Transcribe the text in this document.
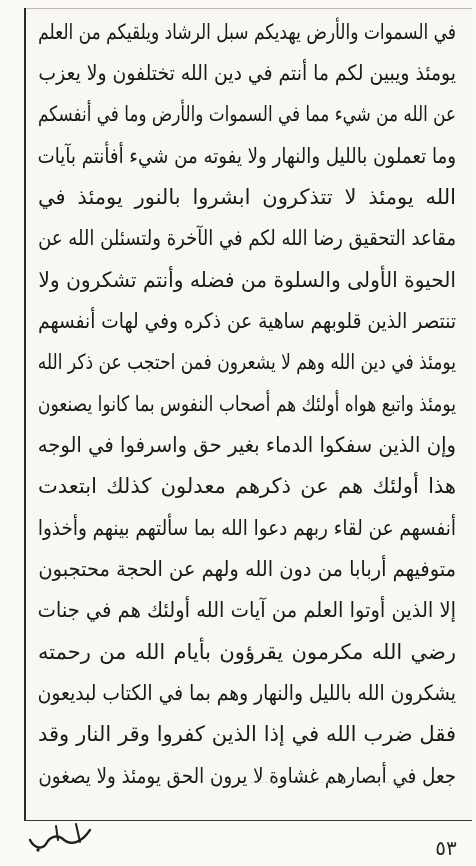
في السموات والأرض يهديكم سبل الرشاد ويلقيكم من العلم
يومئذ ويبين لكم ما أنتم في دين الله تختلفون ولا يعزب
عن الله من شيء مما في السموات والأرض وما في أنفسكم
وما تعملون بالليل والنهار ولا يفوته من شيء أفأنتم بآيات
الله يومئذ لا تتذكرون ابشروا بالنور يومئذ في
مقاعد التحقيق رضا الله لكم في الآخرة ولتسئلن الله عن
الحيوة الأولى والسلوة من فضله وأنتم تشكرون ولا
تنتصر الذين قلوبهم ساهية عن ذكره وفي لهات أنفسهم
يومئذ في دين الله وهم لا يشعرون فمن احتجب عن ذكر الله
يومئذ واتبع هواه أولئك هم أصحاب النفوس بما كانوا يصنعون
وإن الذين سفكوا الدماء بغير حق واسرفوا في الوجه
هذا أولئك هم عن ذكرهم معدلون كذلك ابتعدت
أنفسهم عن لقاء ربهم دعوا الله بما سألتهم بينهم وأخذوا
متوفيهم أربابا من دون الله ولهم عن الحجة محتجبون
إلا الذين أوتوا العلم من آيات الله أولئك هم في جنات
رضي الله مكرمون يقرؤون بأيام الله من رحمته
يشكرون الله بالليل والنهار وهم بما في الكتاب لبديعون
فقل ضرب الله في إذا الذين كفروا وقر النار وقد
جعل في أبصارهم غشاوة لا يرون الحق يومئذ ولا يصغون
٥٣
